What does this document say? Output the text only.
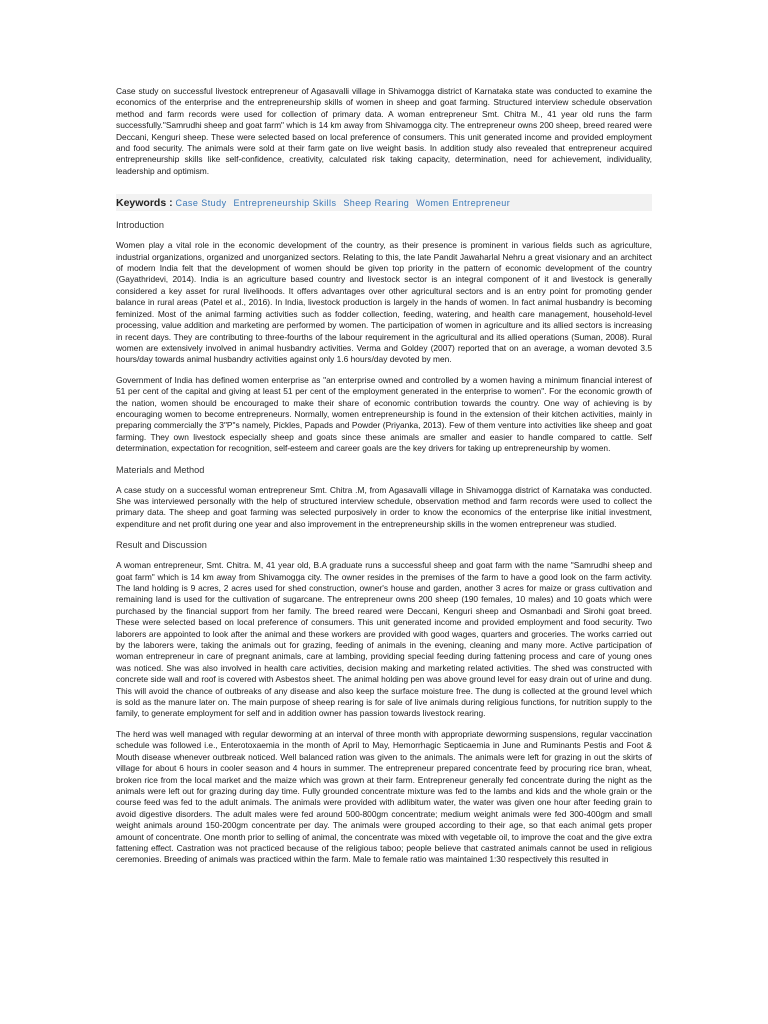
Case study on successful livestock entrepreneur of Agasavalli village in Shivamogga district of Karnataka state was conducted to examine the economics of the enterprise and the entrepreneurship skills of women in sheep and goat farming. Structured interview schedule observation method and farm records were used for collection of primary data. A woman entrepreneur Smt. Chitra M., 41 year old runs the farm successfully."Samrudhi sheep and goat farm" which is 14 km away from Shivamogga city. The entrepreneur owns 200 sheep, breed reared were Deccani, Kenguri sheep. These were selected based on local preference of consumers. This unit generated income and provided employment and food security. The animals were sold at their farm gate on live weight basis. In addition study also revealed that entrepreneur acquired entrepreneurship skills like self-confidence, creativity, calculated risk taking capacity, determination, need for achievement, individuality, leadership and optimism.

Keywords : Case Study Entrepreneurship Skills Sheep Rearing Women Entrepreneur
Introduction

Women play a vital role in the economic development of the country, as their presence is prominent in various fields such as agriculture, industrial organizations, organized and unorganized sectors. Relating to this, the late Pandit Jawaharlal Nehru a great visionary and an architect of modern India felt that the development of women should be given top priority in the pattern of economic development of the country (Gayathridevi, 2014). India is an agriculture based country and livestock sector is an integral component of it and livestock is generally considered a key asset for rural livelihoods. It offers advantages over other agricultural sectors and is an entry point for promoting gender balance in rural areas (Patel et al., 2016). In India, livestock production is largely in the hands of women. In fact animal husbandry is becoming feminized. Most of the animal farming activities such as fodder collection, feeding, watering, and health care management, household-level processing, value addition and marketing are performed by women. The participation of women in agriculture and its allied sectors is increasing in recent days. They are contributing to three-fourths of the labour requirement in the agricultural and its allied operations (Suman, 2008). Rural women are extensively involved in animal husbandry activities. Verma and Goldey (2007) reported that on an average, a woman devoted 3.5 hours/day towards animal husbandry activities against only 1.6 hours/day devoted by men.

Government of India has defined women enterprise as "an enterprise owned and controlled by a women having a minimum financial interest of 51 per cent of the capital and giving at least 51 per cent of the employment generated in the enterprise to women". For the economic growth of the nation, women should be encouraged to make their share of economic contribution towards the country. One way of achieving is by encouraging women to become entrepreneurs. Normally, women entrepreneurship is found in the extension of their kitchen activities, mainly in preparing commercially the 3"P"s namely, Pickles, Papads and Powder (Priyanka, 2013). Few of them venture into activities like sheep and goat farming. They own livestock especially sheep and goats since these animals are smaller and easier to handle compared to cattle. Self determination, expectation for recognition, self-esteem and career goals are the key drivers for taking up entrepreneurship by women.

Materials and Method

A case study on a successful woman entrepreneur Smt. Chitra .M, from Agasavalli village in Shivamogga district of Karnataka was conducted. She was interviewed personally with the help of structured interview schedule, observation method and farm records were used to collect the primary data. The sheep and goat farming was selected purposively in order to know the economics of the enterprise like initial investment, expenditure and net profit during one year and also improvement in the entrepreneurship skills in the women entrepreneur was studied.

Result and Discussion

A woman entrepreneur, Smt. Chitra. M, 41 year old, B.A graduate runs a successful sheep and goat farm with the name "Samrudhi sheep and goat farm" which is 14 km away from Shivamogga city. The owner resides in the premises of the farm to have a good look on the farm activity. The land holding is 9 acres, 2 acres used for shed construction, owner's house and garden, another 3 acres for maize or grass cultivation and remaining land is used for the cultivation of sugarcane. The entrepreneur owns 200 sheep (190 females, 10 males) and 10 goats which were purchased by the financial support from her family. The breed reared were Deccani, Kenguri sheep and Osmanbadi and Sirohi goat breed. These were selected based on local preference of consumers. This unit generated income and provided employment and food security. Two laborers are appointed to look after the animal and these workers are provided with good wages, quarters and groceries. The works carried out by the laborers were, taking the animals out for grazing, feeding of animals in the evening, cleaning and many more. Active participation of woman entrepreneur in care of pregnant animals, care at lambing, providing special feeding during fattening process and care of young ones was noticed. She was also involved in health care activities, decision making and marketing related activities. The shed was constructed with concrete side wall and roof is covered with Asbestos sheet. The animal holding pen was above ground level for easy drain out of urine and dung. This will avoid the chance of outbreaks of any disease and also keep the surface moisture free. The dung is collected at the ground level which is sold as the manure later on. The main purpose of sheep rearing is for sale of live animals during religious functions, for nutrition supply to the family, to generate employment for self and in addition owner has passion towards livestock rearing.

The herd was well managed with regular deworming at an interval of three month with appropriate deworming suspensions, regular vaccination schedule was followed i.e., Enterotoxaemia in the month of April to May, Hemorrhagic Septicaemia in June and Ruminants Pestis and Foot & Mouth disease whenever outbreak noticed. Well balanced ration was given to the animals. The animals were left for grazing in out the skirts of village for about 6 hours in cooler season and 4 hours in summer. The entrepreneur prepared concentrate feed by procuring rice bran, wheat, broken rice from the local market and the maize which was grown at their farm. Entrepreneur generally fed concentrate during the night as the animals were left out for grazing during day time. Fully grounded concentrate mixture was fed to the lambs and kids and the whole grain or the course feed was fed to the adult animals. The animals were provided with adlibitum water, the water was given one hour after feeding grain to avoid digestive disorders. The adult males were fed around 500-800gm concentrate; medium weight animals were fed 300-400gm and small weight animals around 150-200gm concentrate per day. The animals were grouped according to their age, so that each animal gets proper amount of concentrate. One month prior to selling of animal, the concentrate was mixed with vegetable oil, to improve the coat and the give extra fattening effect. Castration was not practiced because of the religious taboo; people believe that castrated animals cannot be used in religious ceremonies. Breeding of animals was practiced within the farm. Male to female ratio was maintained 1:30 respectively this resulted in
